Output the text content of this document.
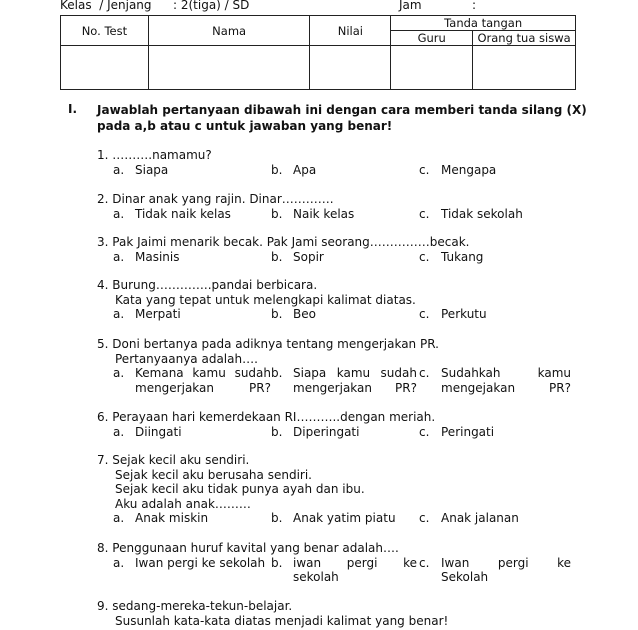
Kelas  / Jenjang : 2(tiga) / SD	Jam	:
No. Test	Nama	Nilai	Tanda tangan	
			Guru	Orang tua siswa

I. Jawablah pertanyaan dibawah ini dengan cara memberi tanda silang (X) pada a,b atau c untuk jawaban yang benar!
1. ……….namamu?
a. Siapa	b. Apa	c. Mengapa
2. Dinar anak yang rajin. Dinar………….
a. Tidak naik kelas	b. Naik kelas	c. Tidak sekolah
3. Pak Jaimi menarik becak. Pak Jami seorang……………becak.
a. Masinis	b. Sopir	c. Tukang
4. Burung…………..pandai berbicara.
Kata yang tepat untuk melengkapi kalimat diatas.
a. Merpati	b. Beo	c. Perkutu
5. Doni bertanya pada adiknya tentang mengerjakan PR.
Pertanyaanya adalah….
a. Kemana kamu sudah mengerjakan PR?
b. Siapa kamu sudah mengerjakan PR?
c. Sudahkah kamu mengejakan PR?
6. Perayaan hari kemerdekaan RI………..dengan meriah.
a. Diingati	b. Diperingati	c. Peringati
7. Sejak kecil aku sendiri.
Sejak kecil aku berusaha sendiri.
Sejak kecil aku tidak punya ayah dan ibu.
Aku adalah anak………
a. Anak miskin	b. Anak yatim piatu c. Anak jalanan
8. Penggunaan huruf kavital yang benar adalah….
a. Iwan pergi ke sekolah b. iwan pergi ke sekolah
c. Iwan pergi ke Sekolah
9. sedang-mereka-tekun-belajar.
Susunlah kata-kata diatas menjadi kalimat yang benar!
